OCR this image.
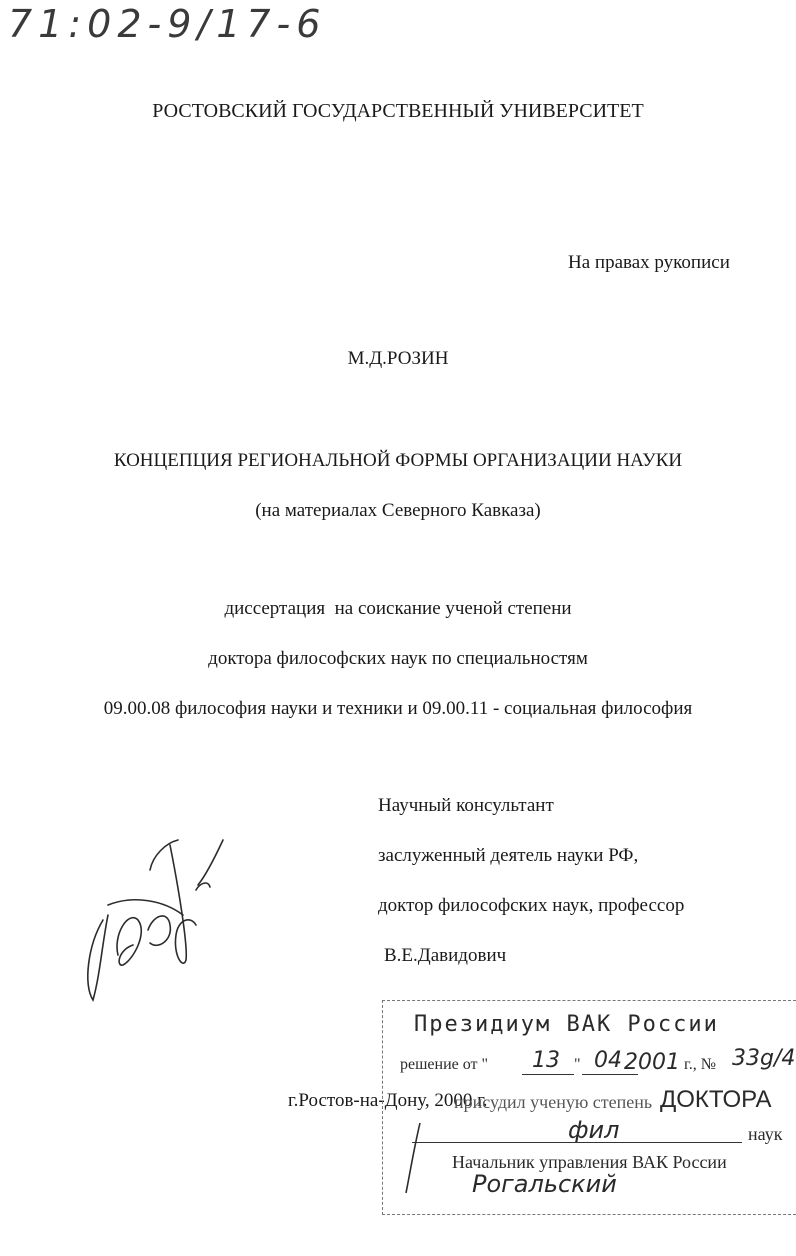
71:02-9/17-6
РОСТОВСКИЙ ГОСУДАРСТВЕННЫЙ УНИВЕРСИТЕТ
На правах рукописи
М.Д.РОЗИН
КОНЦЕПЦИЯ РЕГИОНАЛЬНОЙ ФОРМЫ ОРГАНИЗАЦИИ НАУКИ
(на материалах Северного Кавказа)
диссертация  на соискание ученой степени
доктора философских наук по специальностям
09.00.08 философия науки и техники и 09.00.11 - социальная философия
Научный консультант
заслуженный деятель науки РФ,
доктор философских наук, профессор
В.Е.Давидович
г.Ростов-на-Дону, 2000 г.
Президиум ВАК России
решение от " 13 " 04 2001 г., № 33g/4
присудил ученую степень ДОКТОРА
фил	наук
Начальник управления ВАК России
Рогальский
